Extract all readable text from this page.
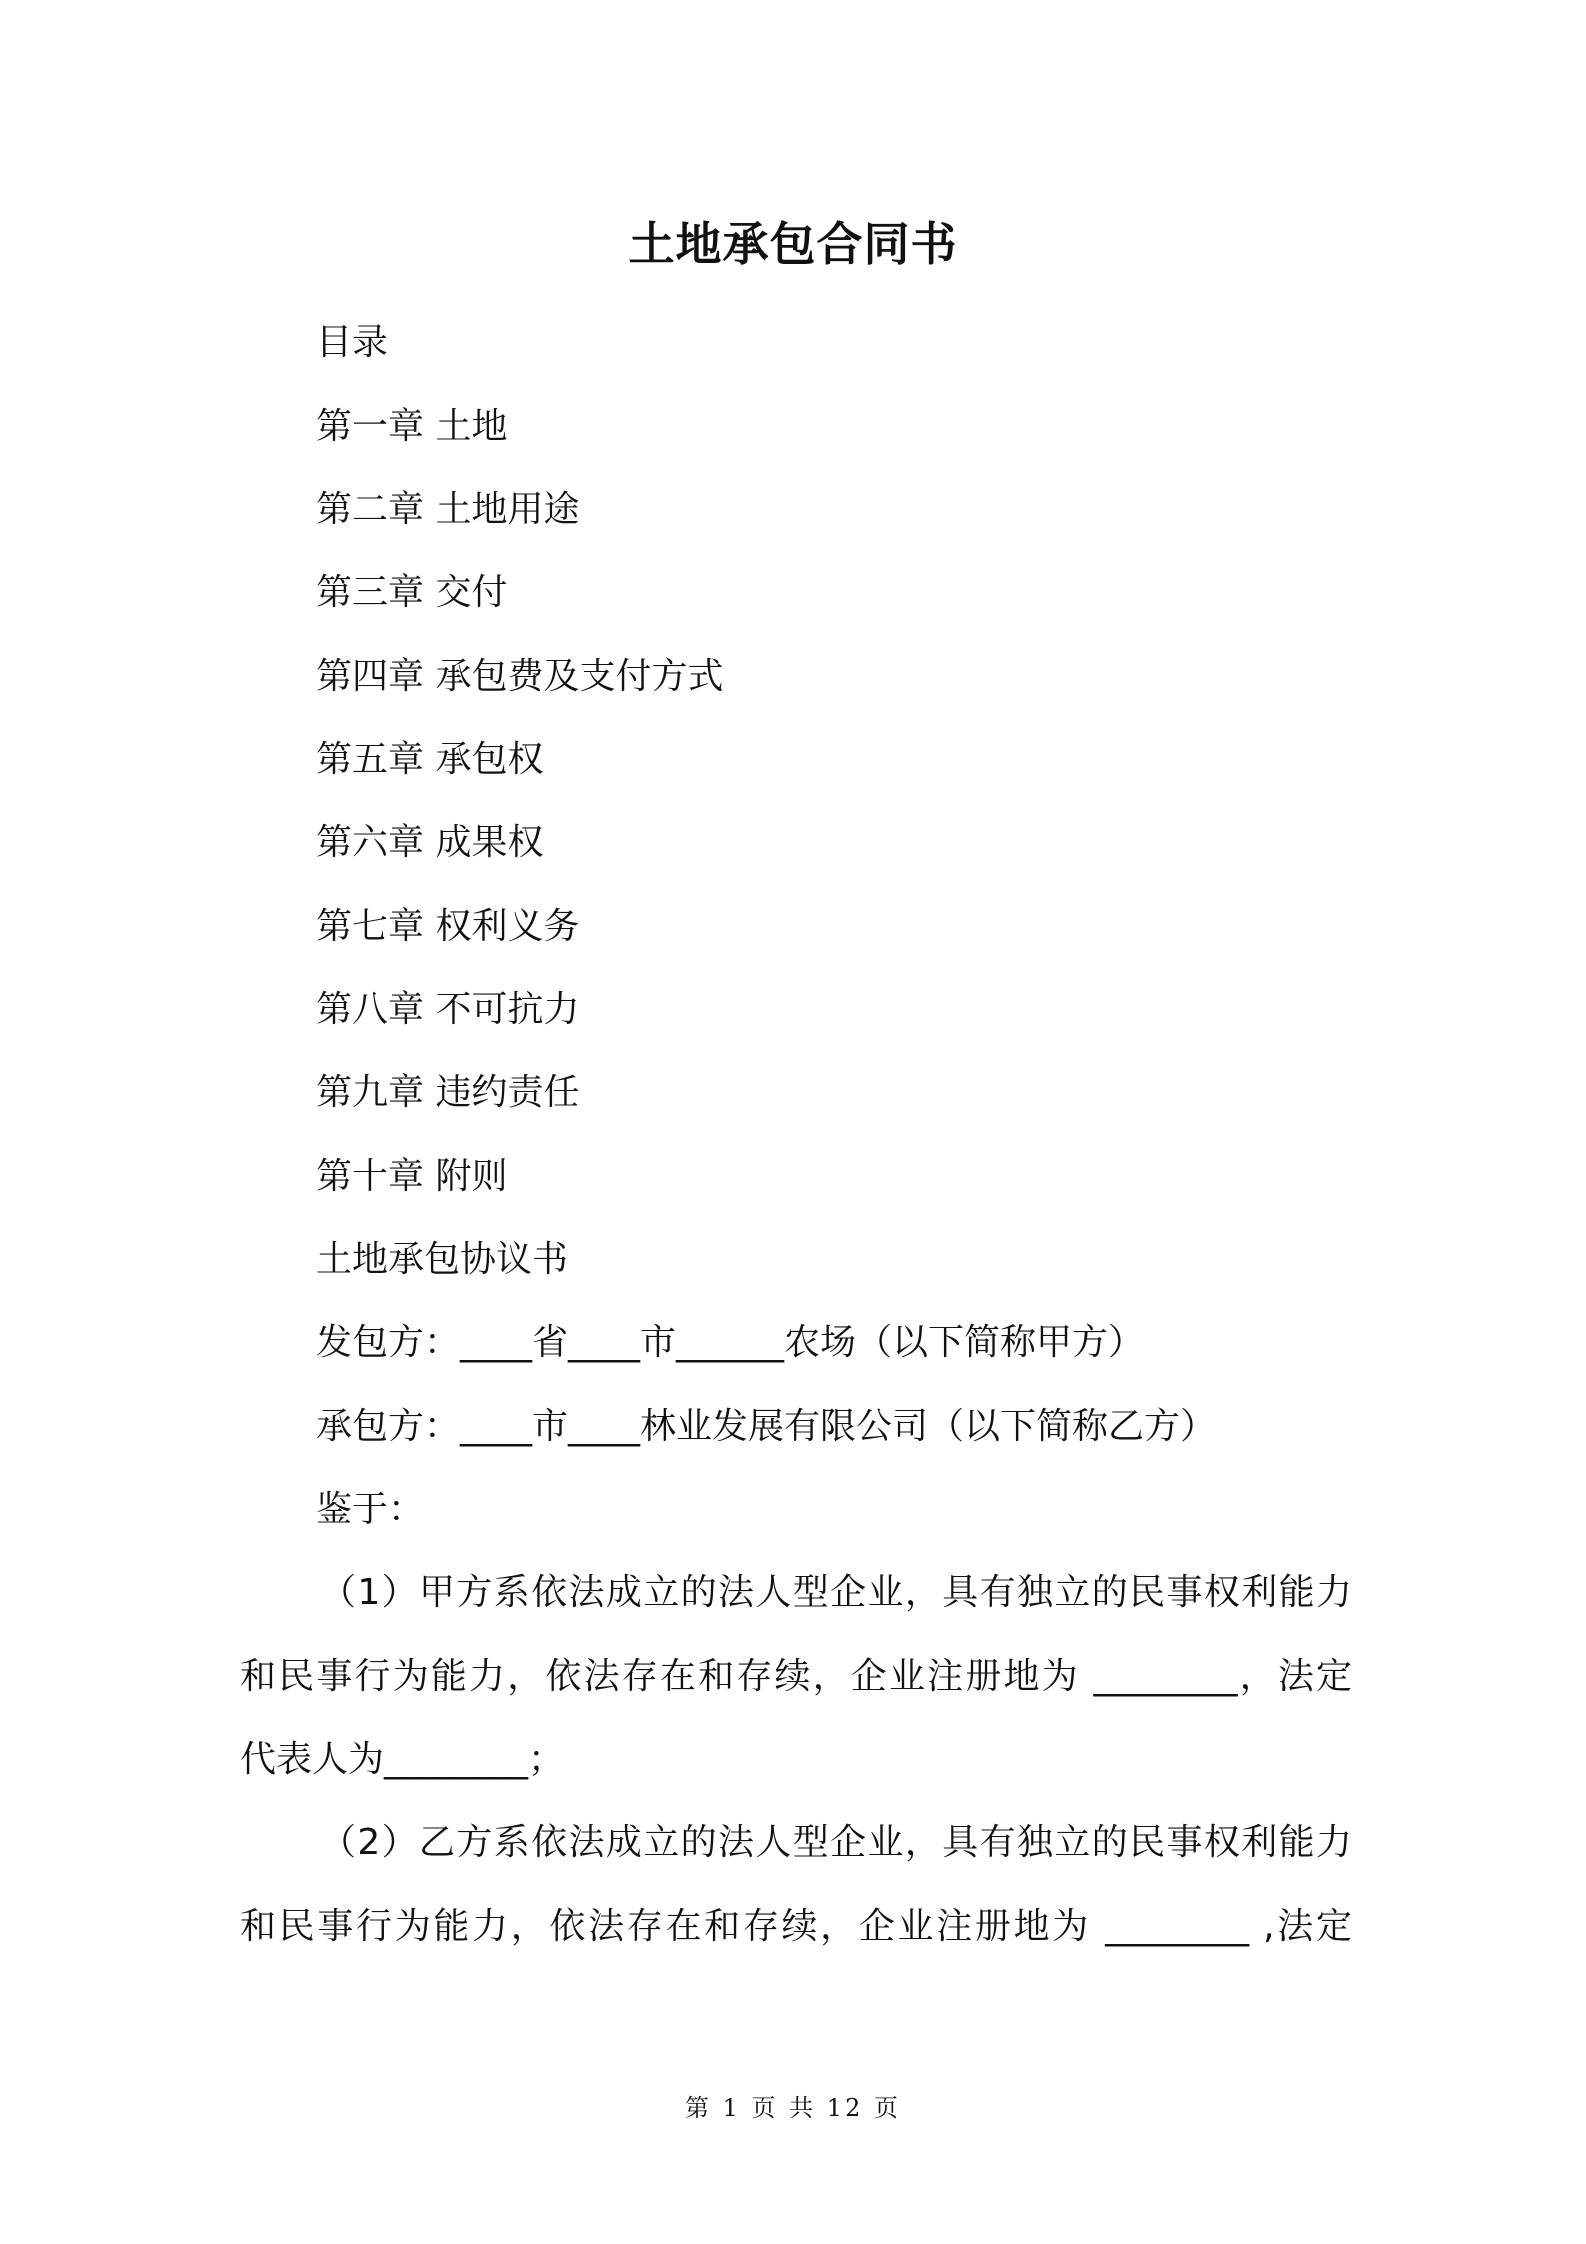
土地承包合同书
目录
第一章 土地
第二章 土地用途
第三章 交付
第四章 承包费及支付方式
第五章 承包权
第六章 成果权
第七章 权利义务
第八章 不可抗力
第九章 违约责任
第十章 附则
土地承包协议书
发包方：____省____市______农场（以下简称甲方）
承包方：____市____林业发展有限公司（以下简称乙方）
鉴于：
（1）甲方系依法成立的法人型企业，具有独立的民事权利能力
和民事行为能力，依法存在和存续，企业注册地为 ________，法定
代表人为________；
（2）乙方系依法成立的法人型企业，具有独立的民事权利能力
和民事行为能力，依法存在和存续，企业注册地为 ________ ,法定
第 1 页 共 12 页
